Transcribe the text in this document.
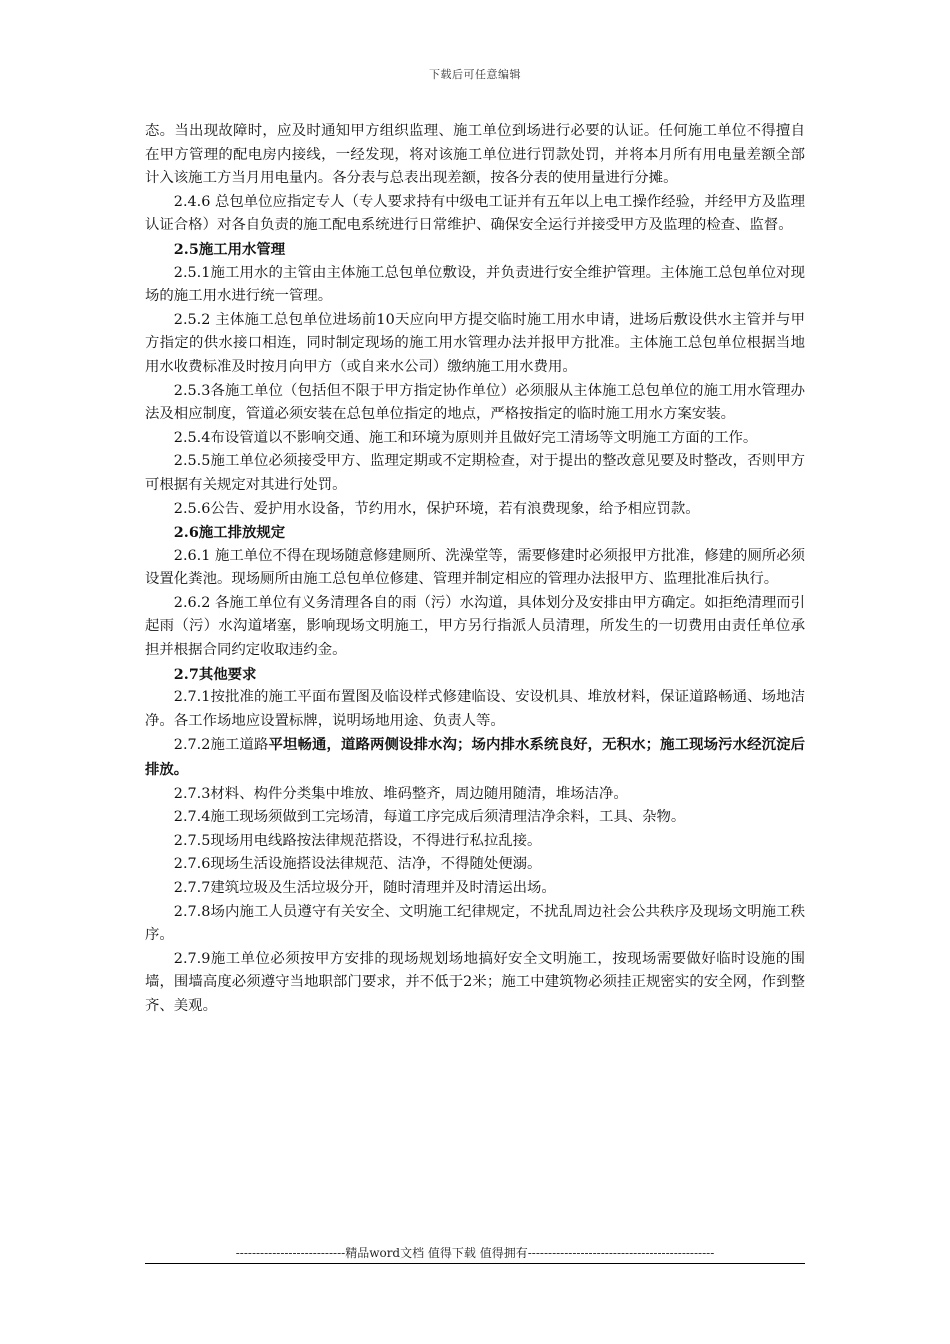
下载后可任意编辑

态。当出现故障时，应及时通知甲方组织监理、施工单位到场进行必要的认证。任何施工单位不得擅自在甲方管理的配电房内接线，一经发现，将对该施工单位进行罚款处罚，并将本月所有用电量差额全部计入该施工方当月用电量内。各分表与总表出现差额，按各分表的使用量进行分摊。

2.4.6 总包单位应指定专人（专人要求持有中级电工证并有五年以上电工操作经验，并经甲方及监理认证合格）对各自负责的施工配电系统进行日常维护、确保安全运行并接受甲方及监理的检查、监督。

2.5施工用水管理

2.5.1施工用水的主管由主体施工总包单位敷设，并负责进行安全维护管理。主体施工总包单位对现场的施工用水进行统一管理。

2.5.2 主体施工总包单位进场前10天应向甲方提交临时施工用水申请，进场后敷设供水主管并与甲方指定的供水接口相连，同时制定现场的施工用水管理办法并报甲方批准。主体施工总包单位根据当地用水收费标准及时按月向甲方（或自来水公司）缴纳施工用水费用。

2.5.3各施工单位（包括但不限于甲方指定协作单位）必须服从主体施工总包单位的施工用水管理办法及相应制度，管道必须安装在总包单位指定的地点，严格按指定的临时施工用水方案安装。

2.5.4布设管道以不影响交通、施工和环境为原则并且做好完工清场等文明施工方面的工作。

2.5.5施工单位必须接受甲方、监理定期或不定期检查，对于提出的整改意见要及时整改，否则甲方可根据有关规定对其进行处罚。

2.5.6公告、爱护用水设备，节约用水，保护环境，若有浪费现象，给予相应罚款。

2.6施工排放规定

2.6.1 施工单位不得在现场随意修建厕所、洗澡堂等，需要修建时必须报甲方批准，修建的厕所必须设置化粪池。现场厕所由施工总包单位修建、管理并制定相应的管理办法报甲方、监理批准后执行。

2.6.2 各施工单位有义务清理各自的雨（污）水沟道，具体划分及安排由甲方确定。如拒绝清理而引起雨（污）水沟道堵塞，影响现场文明施工，甲方另行指派人员清理，所发生的一切费用由责任单位承担并根据合同约定收取违约金。

2.7其他要求

2.7.1按批准的施工平面布置图及临设样式修建临设、安设机具、堆放材料，保证道路畅通、场地洁净。各工作场地应设置标牌，说明场地用途、负责人等。

2.7.2施工道路平坦畅通，道路两侧设排水沟；场内排水系统良好，无积水；施工现场污水经沉淀后排放。

2.7.3材料、构件分类集中堆放、堆码整齐，周边随用随清，堆场洁净。

2.7.4施工现场须做到工完场清，每道工序完成后须清理洁净余料，工具、杂物。

2.7.5现场用电线路按法律规范搭设，不得进行私拉乱接。

2.7.6现场生活设施搭设法律规范、洁净，不得随处便溺。

2.7.7建筑垃圾及生活垃圾分开，随时清理并及时清运出场。

2.7.8场内施工人员遵守有关安全、文明施工纪律规定，不扰乱周边社会公共秩序及现场文明施工秩序。

2.7.9施工单位必须按甲方安排的现场规划场地搞好安全文明施工，按现场需要做好临时设施的围墙，围墙高度必须遵守当地职部门要求，并不低于2米；施工中建筑物必须挂正规密实的安全网，作到整齐、美观。

---------------------------精品word文档 值得下载 值得拥有----------------------------------------------
